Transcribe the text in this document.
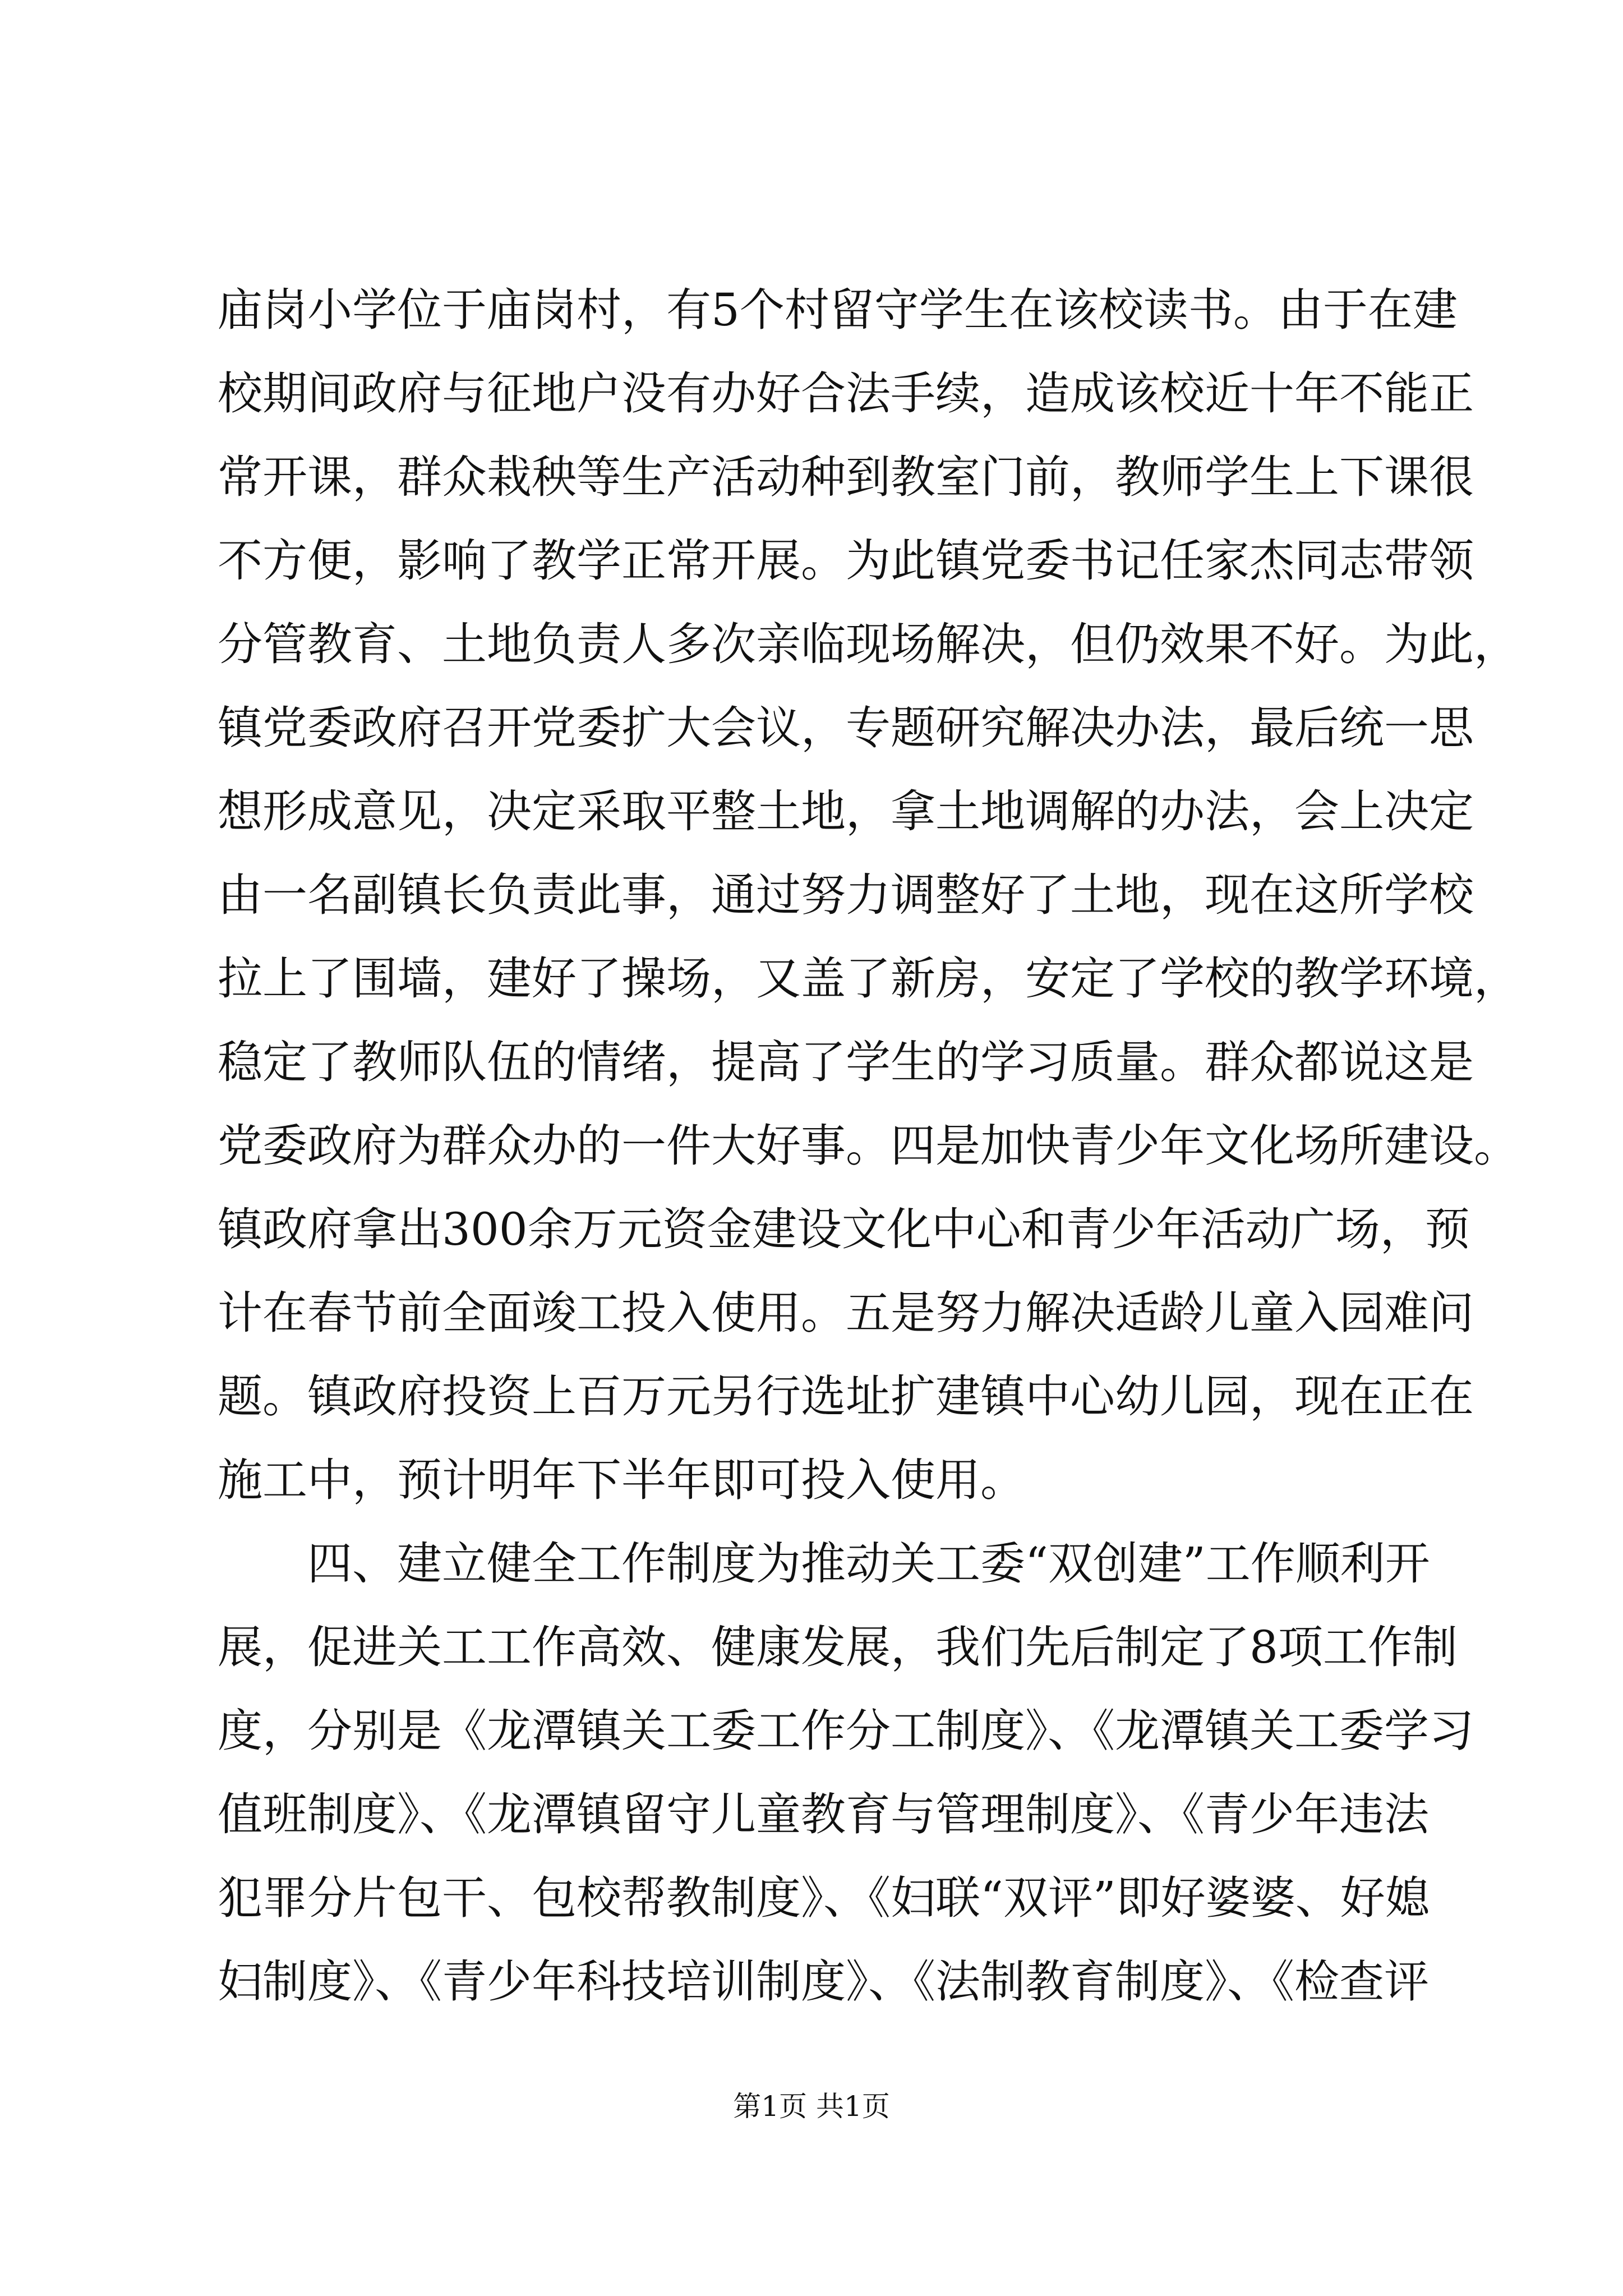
庙岗小学位于庙岗村，有5个村留守学生在该校读书。由于在建
校期间政府与征地户没有办好合法手续，造成该校近十年不能正
常开课，群众栽秧等生产活动种到教室门前，教师学生上下课很
不方便，影响了教学正常开展。为此镇党委书记任家杰同志带领
分管教育、土地负责人多次亲临现场解决，但仍效果不好。为此，
镇党委政府召开党委扩大会议，专题研究解决办法，最后统一思
想形成意见，决定采取平整土地，拿土地调解的办法，会上决定
由一名副镇长负责此事，通过努力调整好了土地，现在这所学校
拉上了围墙，建好了操场，又盖了新房，安定了学校的教学环境，
稳定了教师队伍的情绪，提高了学生的学习质量。群众都说这是
党委政府为群众办的一件大好事。四是加快青少年文化场所建设。
镇政府拿出300余万元资金建设文化中心和青少年活动广场，预
计在春节前全面竣工投入使用。五是努力解决适龄儿童入园难问
题。镇政府投资上百万元另行选址扩建镇中心幼儿园，现在正在
施工中，预计明年下半年即可投入使用。
四、建立健全工作制度为推动关工委“双创建”工作顺利开
展，促进关工工作高效、健康发展，我们先后制定了8项工作制
度，分别是《龙潭镇关工委工作分工制度》、《龙潭镇关工委学习
值班制度》、《龙潭镇留守儿童教育与管理制度》、《青少年违法
犯罪分片包干、包校帮教制度》、《妇联“双评”即好婆婆、好媳
妇制度》、《青少年科技培训制度》、《法制教育制度》、《检查评
第1页 共1页
